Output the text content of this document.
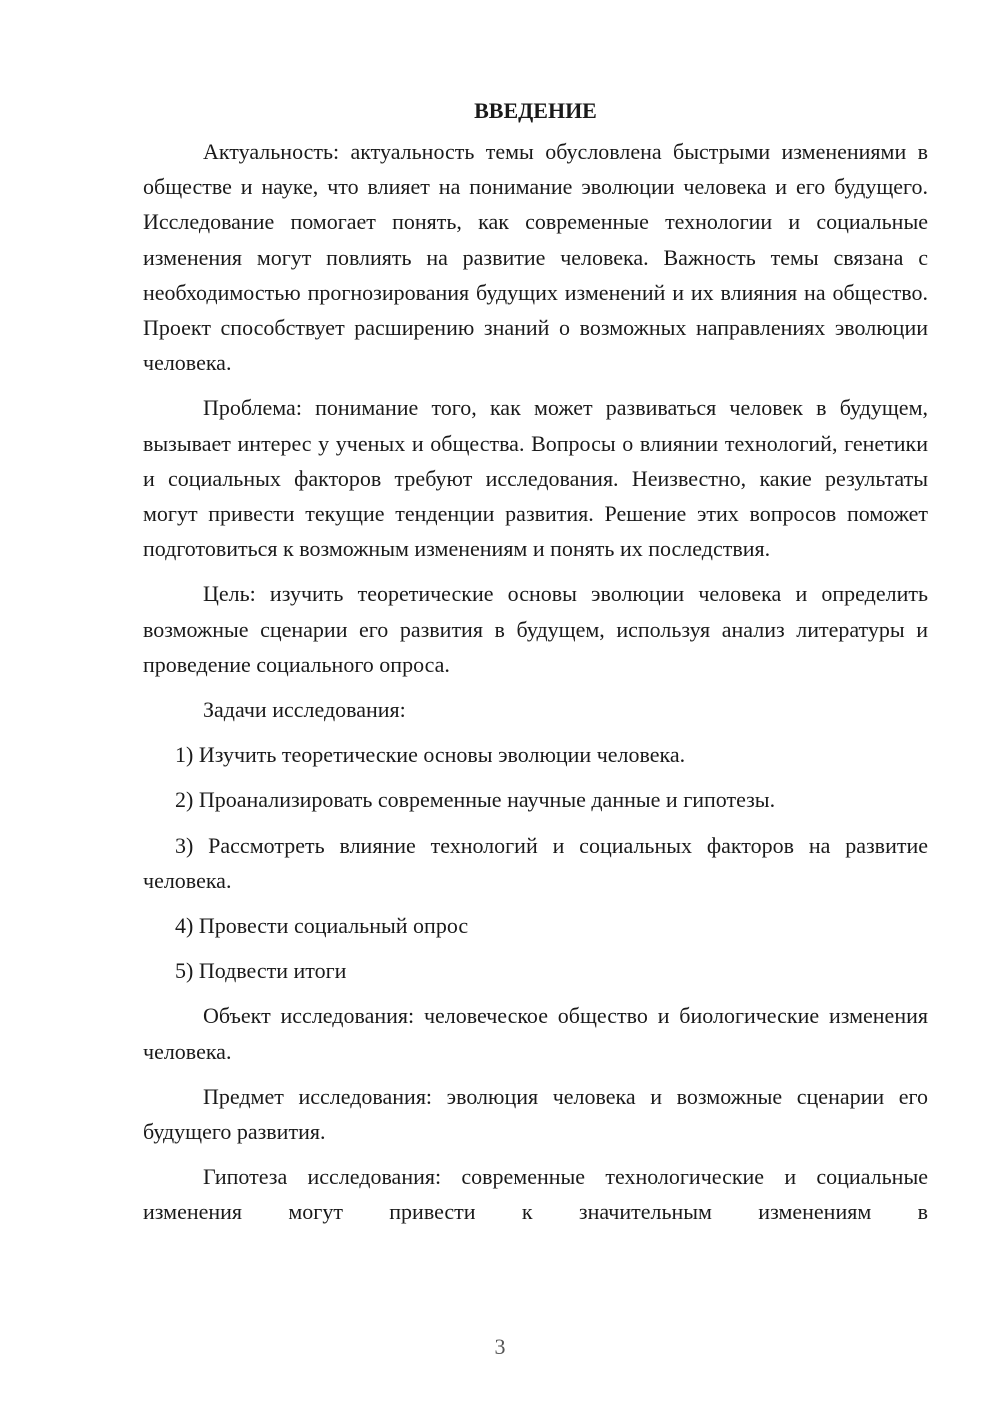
ВВЕДЕНИЕ

Актуальность: актуальность темы обусловлена быстрыми изменениями в обществе и науке, что влияет на понимание эволюции человека и его будущего. Исследование помогает понять, как современные технологии и социальные изменения могут повлиять на развитие человека. Важность темы связана с необходимостью прогнозирования будущих изменений и их влияния на общество. Проект способствует расширению знаний о возможных направлениях эволюции человека.

Проблема: понимание того, как может развиваться человек в будущем, вызывает интерес у ученых и общества. Вопросы о влиянии технологий, генетики и социальных факторов требуют исследования. Неизвестно, какие результаты могут привести текущие тенденции развития. Решение этих вопросов поможет подготовиться к возможным изменениям и понять их последствия.

Цель: изучить теоретические основы эволюции человека и определить возможные сценарии его развития в будущем, используя анализ литературы и проведение социального опроса.

Задачи исследования:

1) Изучить теоретические основы эволюции человека.

2) Проанализировать современные научные данные и гипотезы.

3) Рассмотреть влияние технологий и социальных факторов на развитие человека.

4) Провести социальный опрос

5) Подвести итоги

Объект исследования: человеческое общество и биологические изменения человека.

Предмет исследования: эволюция человека и возможные сценарии его будущего развития.

Гипотеза исследования: современные технологические и социальные изменения могут привести к значительным изменениям в

3
